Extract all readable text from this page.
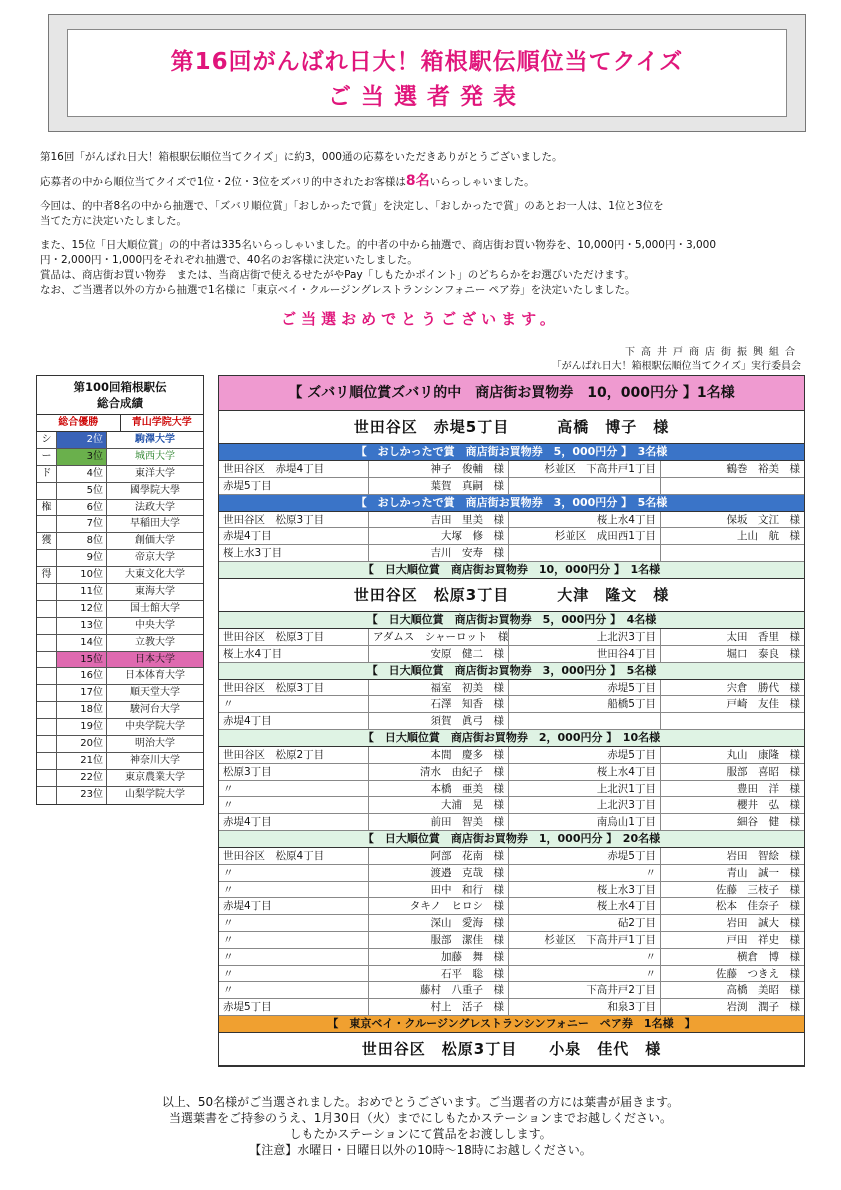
第16回がんばれ日大！箱根駅伝順位当てクイズ
ご当選者発表

第16回「がんばれ日大！箱根駅伝順位当てクイズ」に約3，000通の応募をいただきありがとうございました。

応募者の中から順位当てクイズで1位・2位・3位をズバリ的中されたお客様は8名いらっしゃいました。

今回は、的中者8名の中から抽選で、「ズバリ順位賞」「おしかったで賞」を決定し、「おしかったで賞」のあとお一人は、1位と3位を

当てた方に決定いたしました。

また、15位「日大順位賞」の的中者は335名いらっしゃいました。的中者の中から抽選で、商店街お買い物券を、10,000円・5,000円・3,000

円・2,000円・1,000円をそれぞれ抽選で、40名のお客様に決定いたしました。

賞品は、商店街お買い物券　または、当商店街で使えるせたがやPay「しもたかポイント」のどちらかをお選びいただけます。

なお、ご当選者以外の方から抽選で1名様に「東京ベイ・クルージングレストランシンフォニー ペア券」を決定いたしました。

ご当選おめでとうございます。
下高井戸商店街振興組合
「がんばれ日大！箱根駅伝順位当てクイズ」実行委員会
第100回箱根駅伝
総合成績
総合優勝	青山学院大学
シ	2位	駒澤大学
ー	3位	城西大学
ド	4位	東洋大学
5位	國學院大學
権	6位	法政大学
7位	早稲田大学
獲	8位	創価大学
9位	帝京大学
得	10位	大東文化大学
11位	東海大学
12位	国士館大学
13位	中央大学
14位	立教大学
15位	日本大学
16位	日本体育大学
17位	順天堂大学
18位	駿河台大学
19位	中央学院大学
20位	明治大学
21位	神奈川大学
22位	東京農業大学
23位	山梨学院大学
【 ズバリ順位賞ズバリ的中　商店街お買物券　10，000円分 】1名様
世田谷区　赤堤5丁目　　　高橋　博子　様
【　おしかったで賞　商店街お買物券　5，000円分 】　3名様
世田谷区　赤堤4丁目	神子　俊輔　様	杉並区　下高井戸1丁目	鶴巻　裕美　様
赤堤5丁目	葉賀　真嗣　様
【　おしかったで賞　商店街お買物券　3，000円分 】　5名様
世田谷区　松原3丁目	吉田　里美　様	桜上水4丁目	保坂　文江　様
赤堤4丁目	大塚　修　様	杉並区　成田西1丁目	上山　航　様
桜上水3丁目	吉川　安寿　様
【　日大順位賞　商店街お買物券　10，000円分 】　1名様
世田谷区　松原3丁目　　　大津　隆文　様
【　日大順位賞　商店街お買物券　5，000円分 】　4名様
世田谷区　松原3丁目	アダムス　シャーロット　様	上北沢3丁目	太田　香里　様
桜上水4丁目	安原　健二　様	世田谷4丁目	堀口　泰良　様
【　日大順位賞　商店街お買物券　3，000円分 】　5名様
世田谷区　松原3丁目	福室　初美　様	赤堤5丁目	宍倉　勝代　様
〃	石澤　知香　様	船橋5丁目	戸崎　友佳　様
赤堤4丁目	須賀　眞弓　様
【　日大順位賞　商店街お買物券　2，000円分 】　10名様
世田谷区　松原2丁目	本間　慶多　様	赤堤5丁目	丸山　康隆　様
松原3丁目	清水　由紀子　様	桜上水4丁目	服部　喜昭　様
〃	本橋　亜美　様	上北沢1丁目	豊田　洋　様
〃	大浦　晃　様	上北沢3丁目	櫻井　弘　様
赤堤4丁目	前田　智美　様	南烏山1丁目	細谷　健　様
【　日大順位賞　商店街お買物券　1，000円分 】　20名様
世田谷区　松原4丁目	阿部　花南　様	赤堤5丁目	岩田　智絵　様
〃	渡邉　克哉　様	〃	青山　誠一　様
〃	田中　和行　様	桜上水3丁目	佐藤　三枝子　様
赤堤4丁目	タキノ　ヒロシ　様	桜上水4丁目	松本　佳奈子　様
〃	深山　愛海　様	砧2丁目	岩田　誠大　様
〃	服部　潔佳　様	杉並区　下高井戸1丁目	戸田　祥史　様
〃	加藤　舞　様	〃	横倉　博　様
〃	石平　聡　様	〃	佐藤　つきえ　様
〃	藤村　八重子　様	下高井戸2丁目	高橋　美昭　様
赤堤5丁目	村上　活子　様	和泉3丁目	岩渕　潤子　様
【　東京ベイ・クルージングレストランシンフォニー　ペア券　1名様　】
世田谷区　松原3丁目　　小泉　佳代　様
以上、50名様がご当選されました。おめでとうございます。ご当選者の方には葉書が届きます。
当選葉書をご持参のうえ、1月30日（火）までにしもたかステーションまでお越しください。
しもたかステーションにて賞品をお渡しします。
【注意】水曜日・日曜日以外の10時～18時にお越しください。
